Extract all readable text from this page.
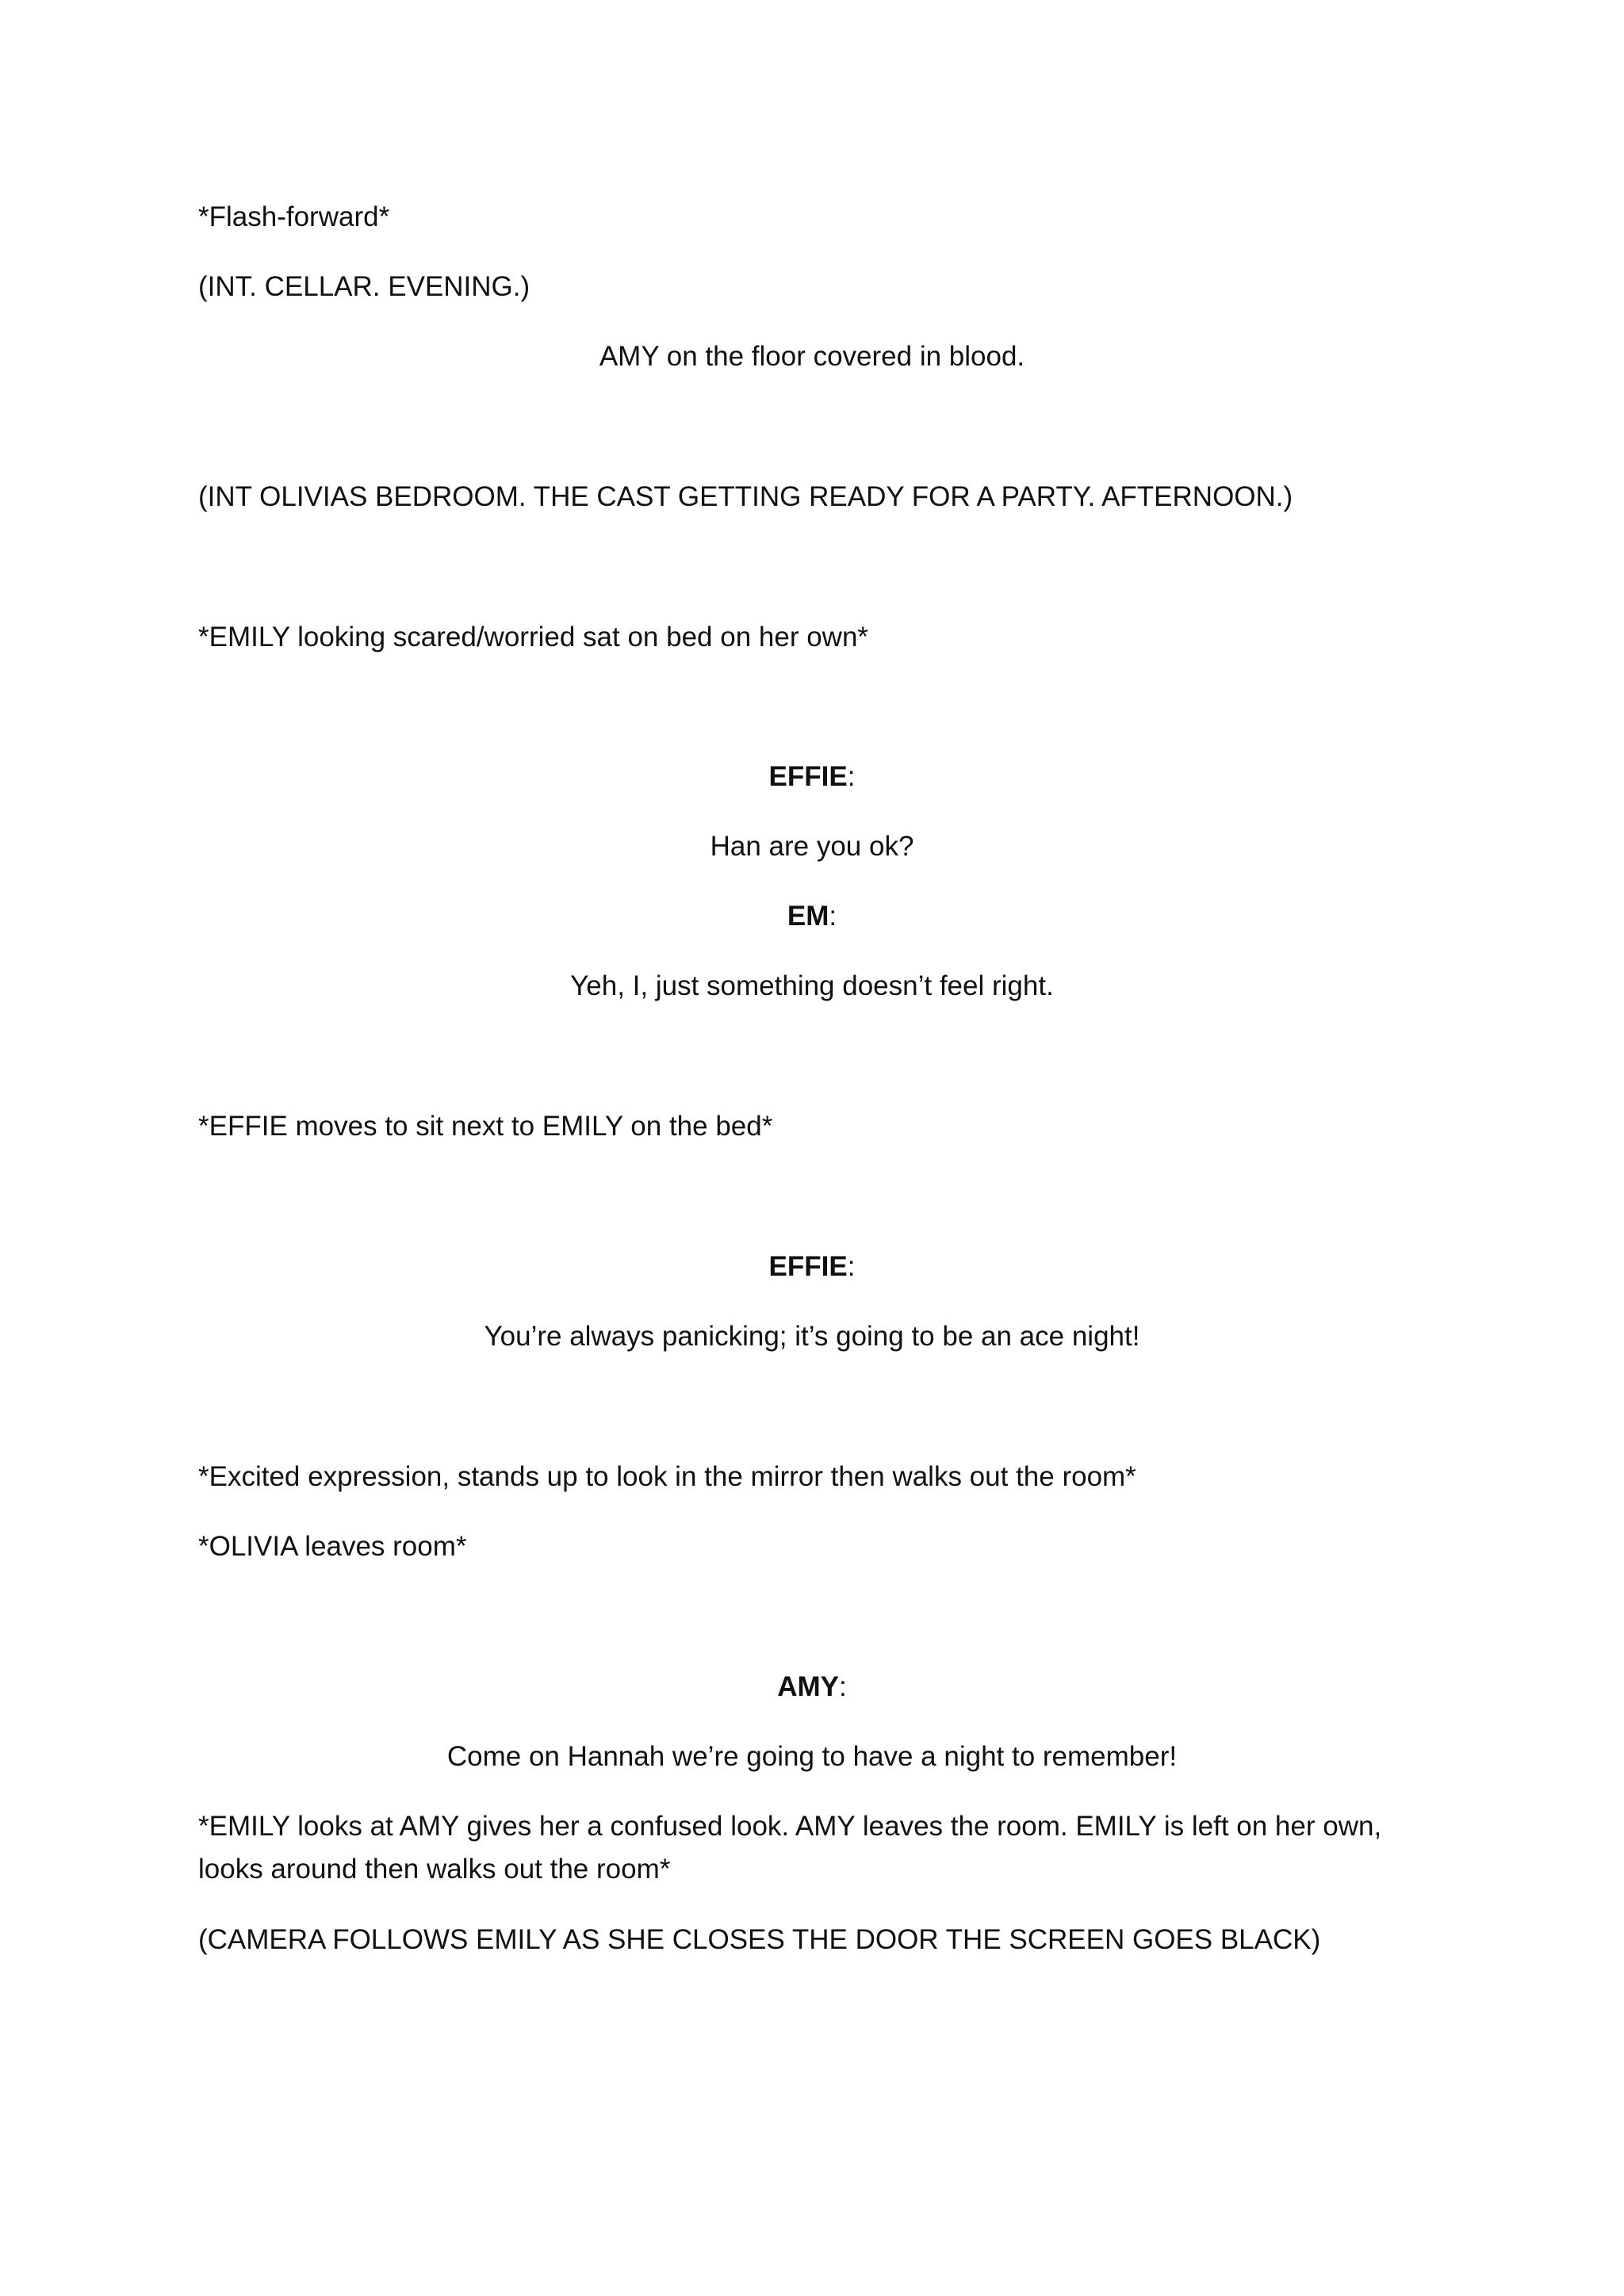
*Flash-forward*

(INT. CELLAR. EVENING.)

AMY on the floor covered in blood.

(INT OLIVIAS BEDROOM. THE CAST GETTING READY FOR A PARTY. AFTERNOON.)

*EMILY looking scared/worried sat on bed on her own*

EFFIE:

Han are you ok?

EM:

Yeh, I, just something doesn’t feel right.

*EFFIE moves to sit next to EMILY on the bed*

EFFIE:

You’re always panicking; it’s going to be an ace night!

*Excited expression, stands up to look in the mirror then walks out the room*

*OLIVIA leaves room*

AMY:

Come on Hannah we’re going to have a night to remember!

*EMILY looks at AMY gives her a confused look. AMY leaves the room. EMILY is left on her own, looks around then walks out the room*

(CAMERA FOLLOWS EMILY AS SHE CLOSES THE DOOR THE SCREEN GOES BLACK)
